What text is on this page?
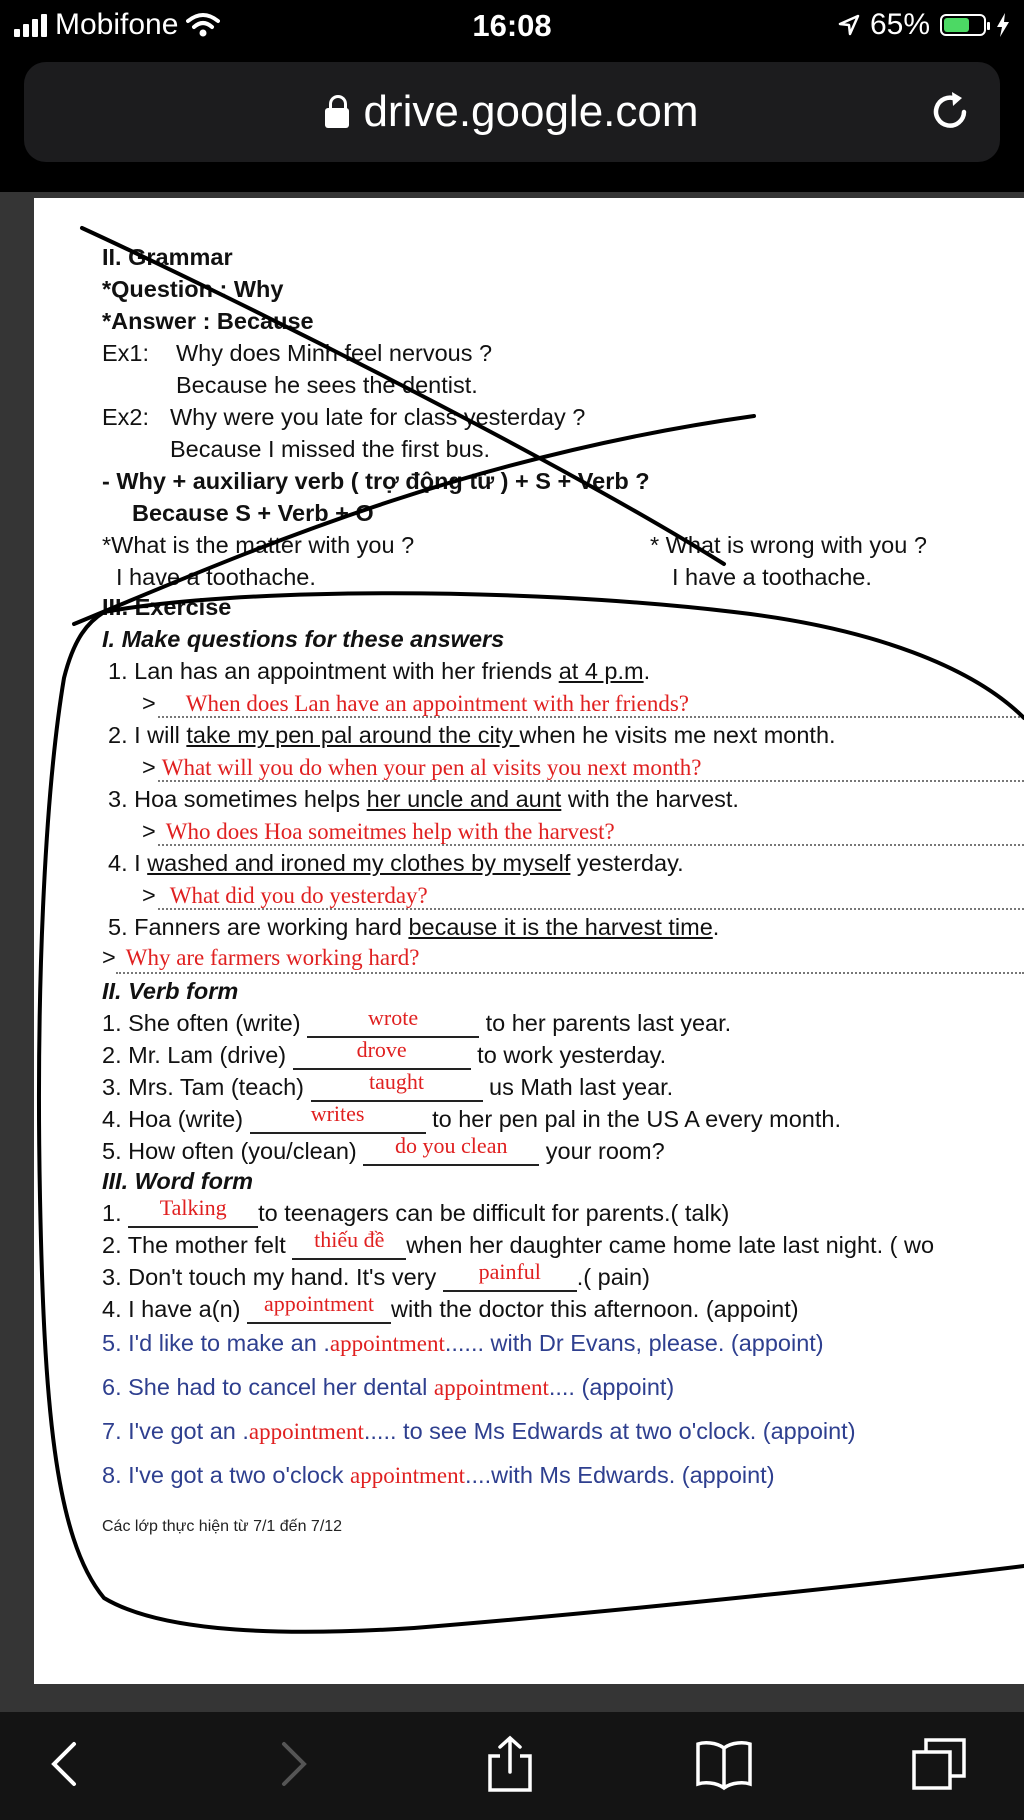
Mobifone	16:08	65%
drive.google.com
II. Grammar
*Question : Why
*Answer : Because
Ex1: Why does Minh feel nervous ?
Because he sees the dentist.
Ex2: Why were you late for class yesterday ?
Because I missed the first bus.
- Why + auxiliary verb ( trợ động từ ) + S + Verb ?
Because S + Verb + O
*What is the matter with you ?
I have a toothache.
* What is wrong with you ?
I have a toothache.
III. Exercise
I. Make questions for these answers
1. Lan has an appointment with her friends at 4 p.m.
> When does Lan have an appointment with her friends?
2. I will take my pen pal around the city when he visits me next month.
> What will you do when your pen al visits you next month?
3. Hoa sometimes helps her uncle and aunt with the harvest.
> Who does Hoa someitmes help with the harvest?
4. I washed and ironed my clothes by myself yesterday.
> What did you do yesterday?
5. Fanners are working hard because it is the harvest time.
> Why are farmers working hard?
II. Verb form
1. She often (write)	wrote	to her parents last year.
2. Mr. Lam (drive)	drove	to work yesterday.
3. Mrs. Tam (teach)	taught us Math last year.
4. Hoa (write)	writes	to her pen pal in the US A every month.
5. How often (you/clean) do you clean your room?
III. Word form
1. Talking to teenagers can be difficult for parents.( talk)
2. The mother felt thiếu đề when her daughter came home late last night. ( wo
3. Don't touch my hand. It's very painful .( pain)
4. I have a(n) appointmentwith the doctor this afternoon. (appoint)
5. I'd like to make an .appointment...... with Dr Evans, please. (appoint)
6. She had to cancel her dental appointment.... (appoint)
7. I've got an .appointment..... to see Ms Edwards at two o'clock. (appoint)
8. I've got a two o'clock appointment....with Ms Edwards. (appoint)
Các lớp thực hiện từ 7/1 đến 7/12
